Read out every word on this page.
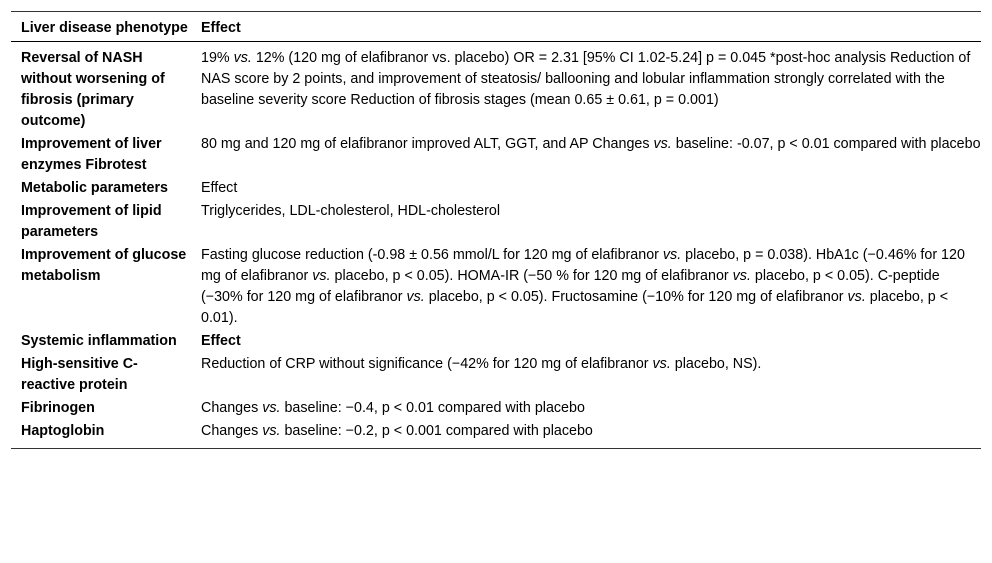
Liver disease phenotype	Effect
Reversal of NASH without worsening of fibrosis (primary outcome)	19% vs. 12% (120 mg of elafibranor vs. placebo) OR = 2.31 [95% CI 1.02-5.24] p = 0.045 *post-hoc analysis Reduction of NAS score by 2 points, and improvement of steatosis/ ballooning and lobular inflammation strongly correlated with the baseline severity score Reduction of fibrosis stages (mean 0.65 ± 0.61, p = 0.001)
Improvement of liver enzymes Fibrotest	80 mg and 120 mg of elafibranor improved ALT, GGT, and AP Changes vs. baseline: -0.07, p < 0.01 compared with placebo
Metabolic parameters	Effect
Improvement of lipid parameters	Triglycerides, LDL-cholesterol, HDL-cholesterol
Improvement of glucose metabolism	Fasting glucose reduction (-0.98 ± 0.56 mmol/L for 120 mg of elafibranor vs. placebo, p = 0.038). HbA1c (−0.46% for 120 mg of elafibranor vs. placebo, p < 0.05). HOMA-IR (−50 % for 120 mg of elafibranor vs. placebo, p < 0.05). C-peptide (−30% for 120 mg of elafibranor vs. placebo, p < 0.05). Fructosamine (−10% for 120 mg of elafibranor vs. placebo, p < 0.01).
Systemic inflammation	Effect
High-sensitive C-reactive protein	Reduction of CRP without significance (−42% for 120 mg of elafibranor vs. placebo, NS).
Fibrinogen	Changes vs. baseline: −0.4, p < 0.01 compared with placebo
Haptoglobin	Changes vs. baseline: −0.2, p < 0.001 compared with placebo
